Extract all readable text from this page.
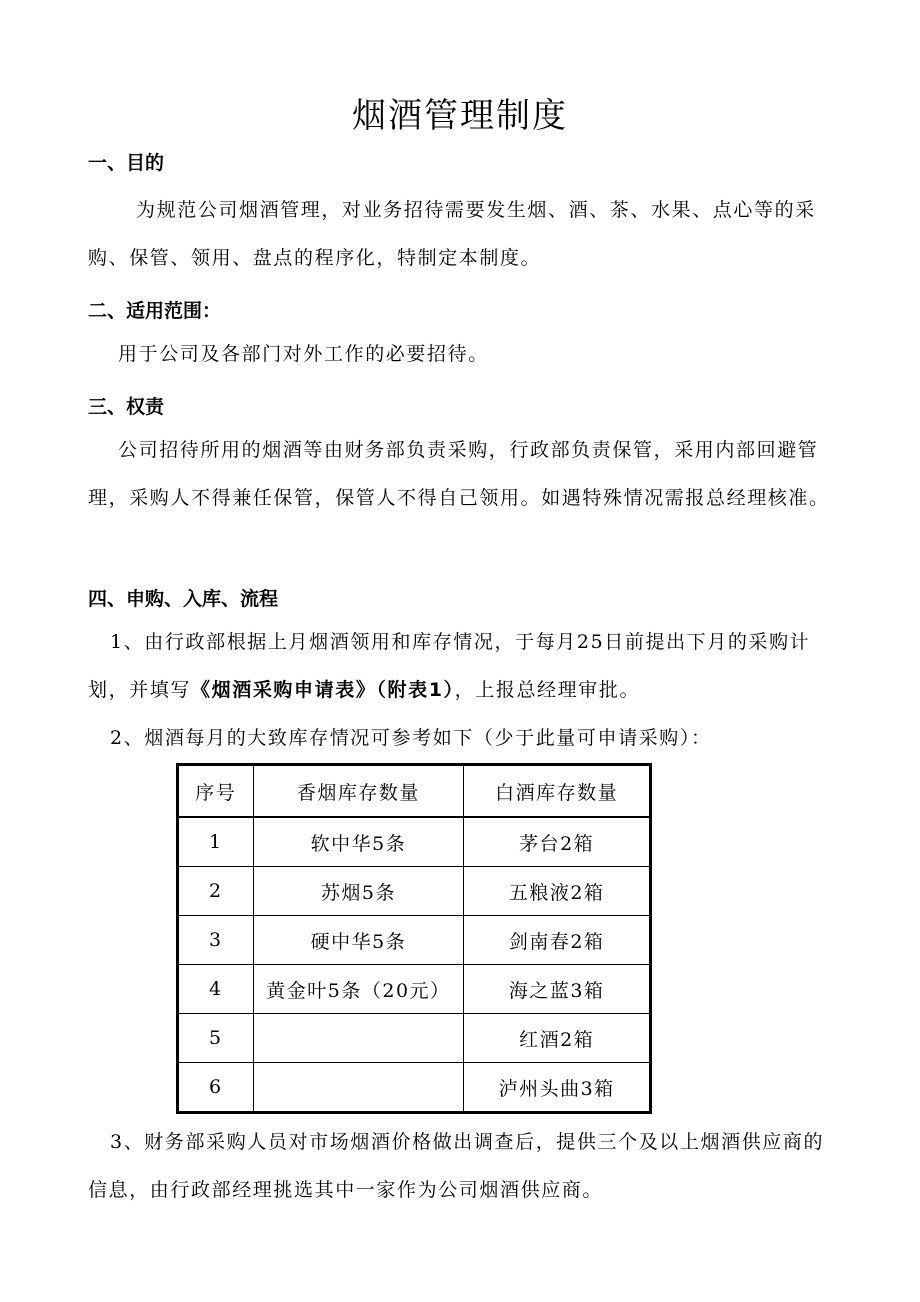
烟酒管理制度
一、目的

为规范公司烟酒管理，对业务招待需要发生烟、酒、茶、水果、点心等的采购、保管、领用、盘点的程序化，特制定本制度。

二、适用范围：

用于公司及各部门对外工作的必要招待。

三、权责

公司招待所用的烟酒等由财务部负责采购，行政部负责保管，采用内部回避管理，采购人不得兼任保管，保管人不得自己领用。如遇特殊情况需报总经理核准。

四、申购、入库、流程

1、由行政部根据上月烟酒领用和库存情况，于每月25日前提出下月的采购计划，并填写《烟酒采购申请表》（附表1），上报总经理审批。

2、烟酒每月的大致库存情况可参考如下（少于此量可申请采购）：

序号	香烟库存数量	白酒库存数量
1	软中华5条	茅台2箱
2	苏烟5条	五粮液2箱
3	硬中华5条	剑南春2箱
4	黄金叶5条（20元）	海之蓝3箱
5		红酒2箱
6		泸州头曲3箱

3、财务部采购人员对市场烟酒价格做出调查后，提供三个及以上烟酒供应商的信息，由行政部经理挑选其中一家作为公司烟酒供应商。
